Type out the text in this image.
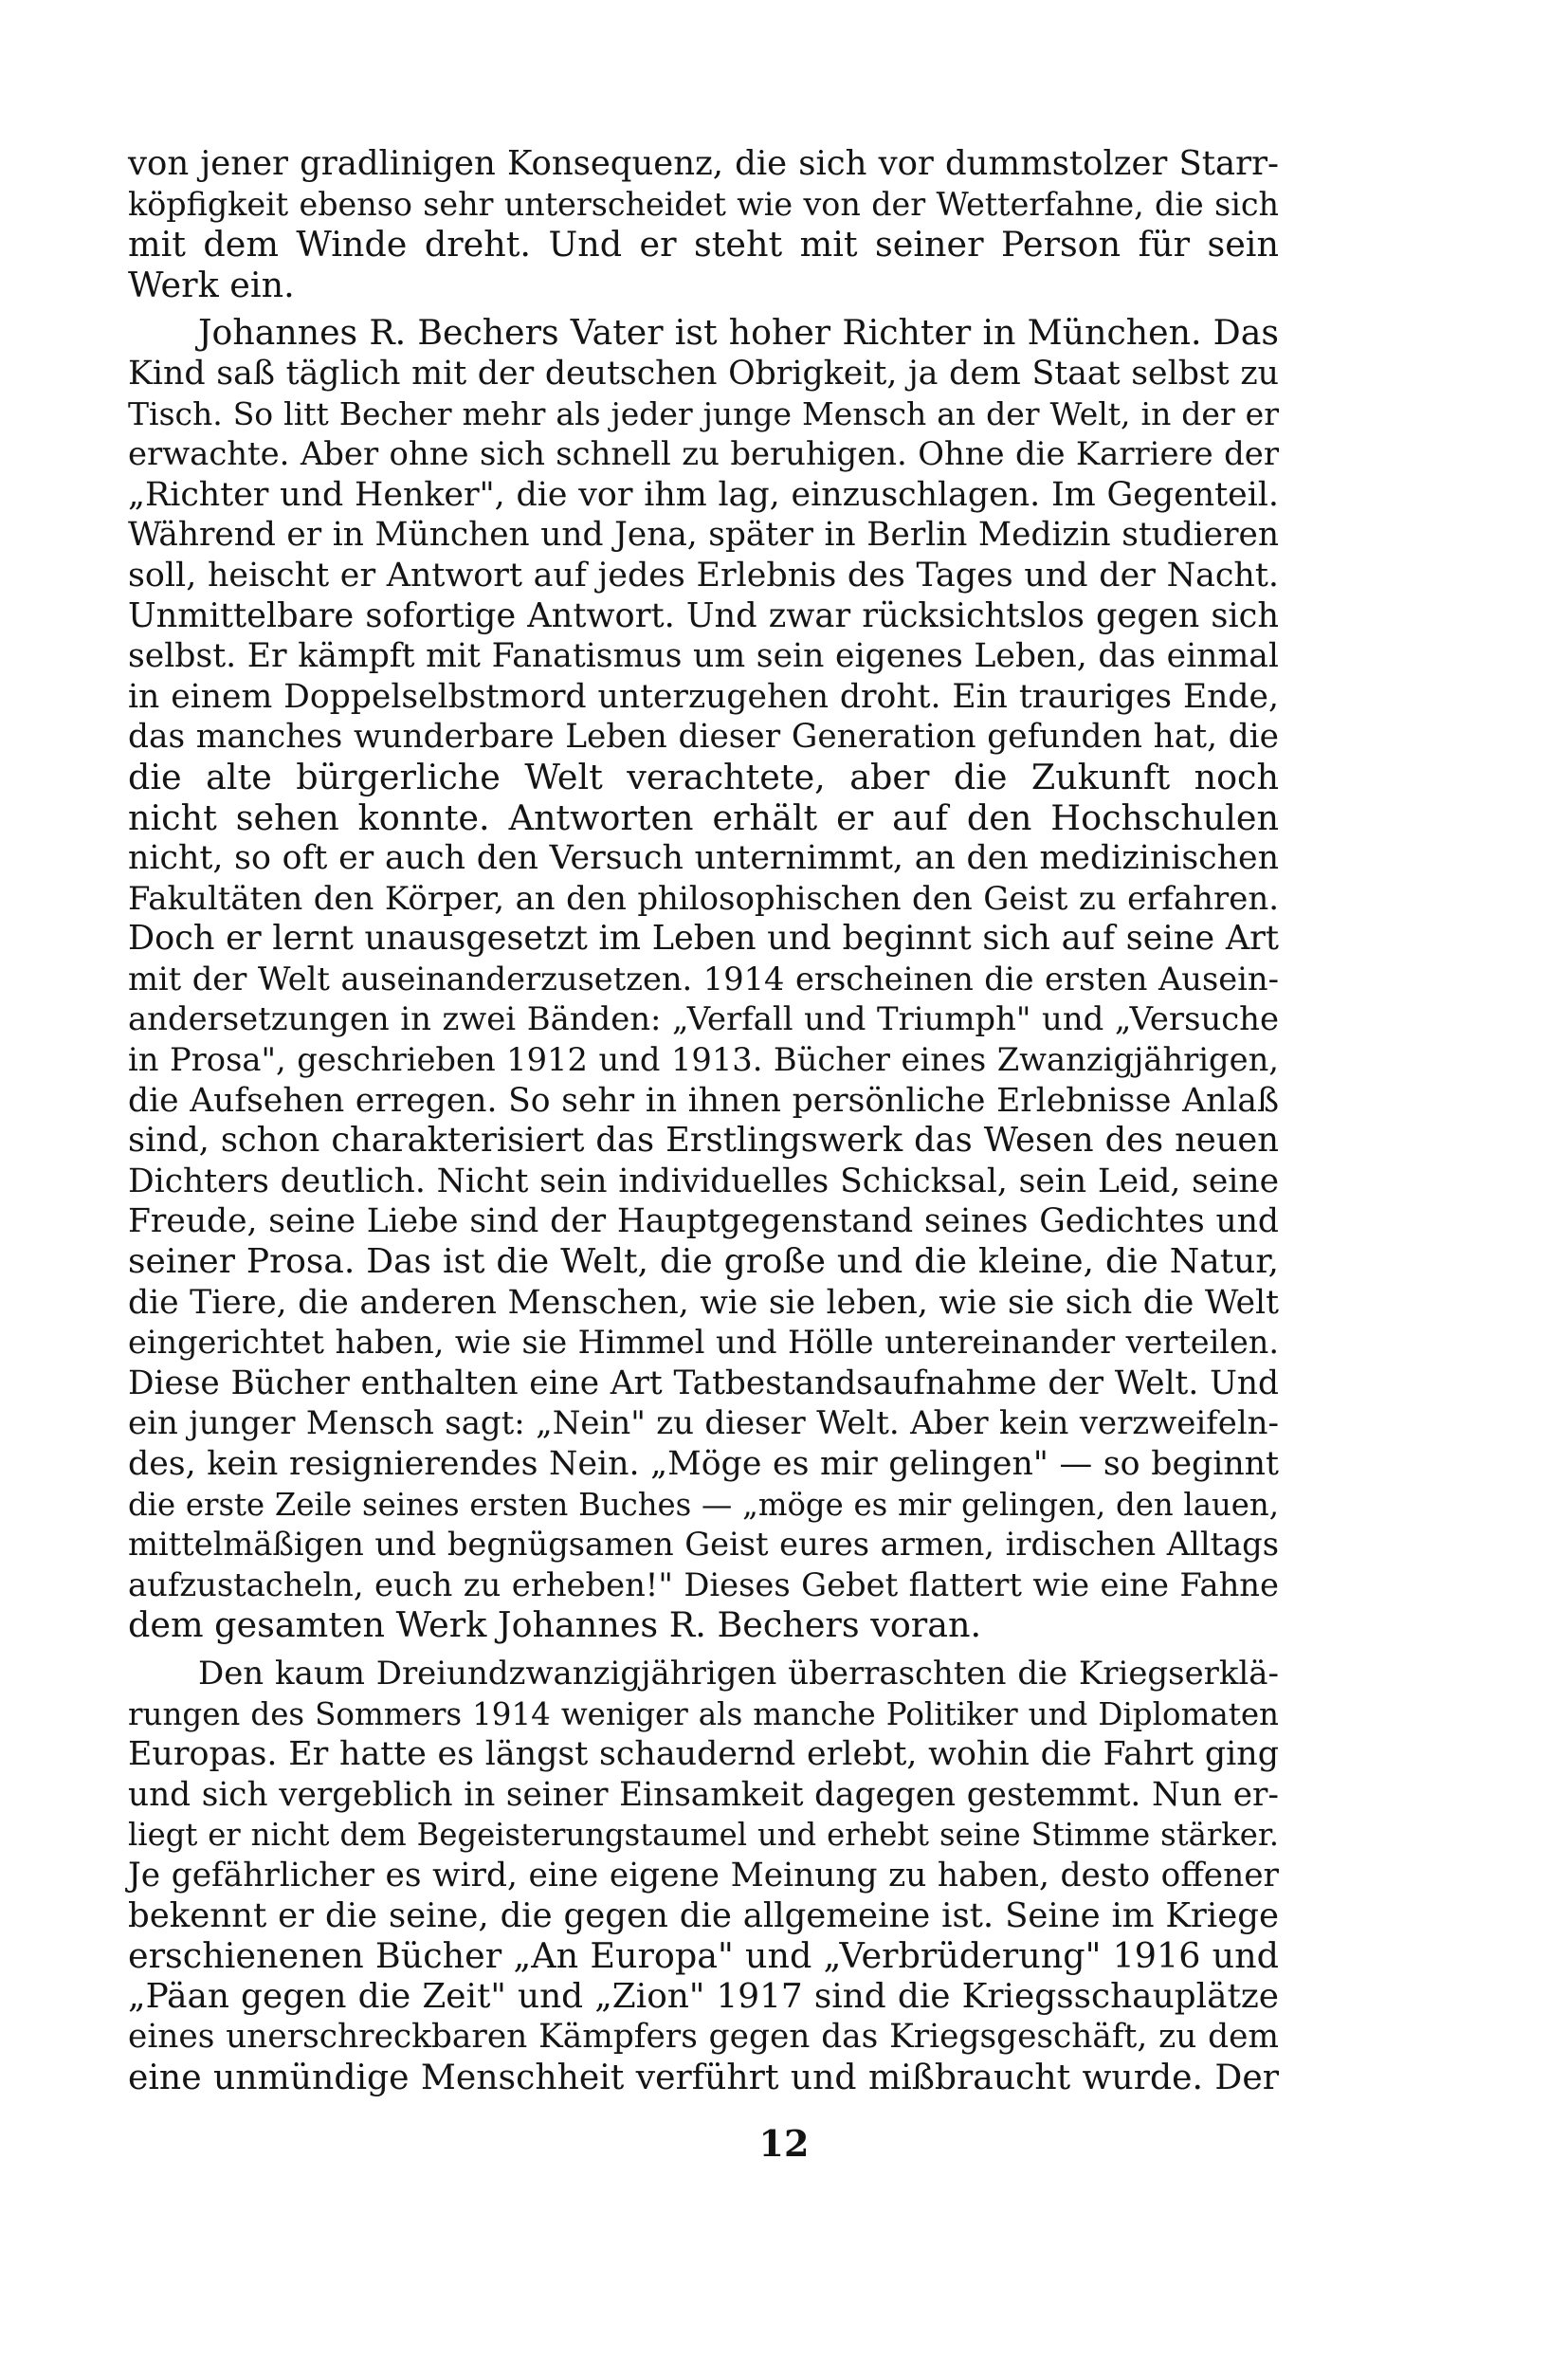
von jener gradlinigen Konsequenz, die sich vor dummstolzer Starr-
köpfigkeit ebenso sehr unterscheidet wie von der Wetterfahne, die sich
mit dem Winde dreht. Und er steht mit seiner Person für sein
Werk ein.
Johannes R. Bechers Vater ist hoher Richter in München. Das
Kind saß täglich mit der deutschen Obrigkeit, ja dem Staat selbst zu
Tisch. So litt Becher mehr als jeder junge Mensch an der Welt, in der er
erwachte. Aber ohne sich schnell zu beruhigen. Ohne die Karriere der
„Richter und Henker", die vor ihm lag, einzuschlagen. Im Gegenteil.
Während er in München und Jena, später in Berlin Medizin studieren
soll, heischt er Antwort auf jedes Erlebnis des Tages und der Nacht.
Unmittelbare sofortige Antwort. Und zwar rücksichtslos gegen sich
selbst. Er kämpft mit Fanatismus um sein eigenes Leben, das einmal
in einem Doppelselbstmord unterzugehen droht. Ein trauriges Ende,
das manches wunderbare Leben dieser Generation gefunden hat, die
die alte bürgerliche Welt verachtete, aber die Zukunft noch
nicht sehen konnte. Antworten erhält er auf den Hochschulen
nicht, so oft er auch den Versuch unternimmt, an den medizinischen
Fakultäten den Körper, an den philosophischen den Geist zu erfahren.
Doch er lernt unausgesetzt im Leben und beginnt sich auf seine Art
mit der Welt auseinanderzusetzen. 1914 erscheinen die ersten Ausein-
andersetzungen in zwei Bänden: „Verfall und Triumph" und „Versuche
in Prosa", geschrieben 1912 und 1913. Bücher eines Zwanzigjährigen,
die Aufsehen erregen. So sehr in ihnen persönliche Erlebnisse Anlaß
sind, schon charakterisiert das Erstlingswerk das Wesen des neuen
Dichters deutlich. Nicht sein individuelles Schicksal, sein Leid, seine
Freude, seine Liebe sind der Hauptgegenstand seines Gedichtes und
seiner Prosa. Das ist die Welt, die große und die kleine, die Natur,
die Tiere, die anderen Menschen, wie sie leben, wie sie sich die Welt
eingerichtet haben, wie sie Himmel und Hölle untereinander verteilen.
Diese Bücher enthalten eine Art Tatbestandsaufnahme der Welt. Und
ein junger Mensch sagt: „Nein" zu dieser Welt. Aber kein verzweifeln-
des, kein resignierendes Nein. „Möge es mir gelingen" — so beginnt
die erste Zeile seines ersten Buches — „möge es mir gelingen, den lauen,
mittelmäßigen und begnügsamen Geist eures armen, irdischen Alltags
aufzustacheln, euch zu erheben!" Dieses Gebet flattert wie eine Fahne
dem gesamten Werk Johannes R. Bechers voran.
Den kaum Dreiundzwanzigjährigen überraschten die Kriegserklä-
rungen des Sommers 1914 weniger als manche Politiker und Diplomaten
Europas. Er hatte es längst schaudernd erlebt, wohin die Fahrt ging
und sich vergeblich in seiner Einsamkeit dagegen gestemmt. Nun er-
liegt er nicht dem Begeisterungstaumel und erhebt seine Stimme stärker.
Je gefährlicher es wird, eine eigene Meinung zu haben, desto offener
bekennt er die seine, die gegen die allgemeine ist. Seine im Kriege
erschienenen Bücher „An Europa" und „Verbrüderung" 1916 und
„Päan gegen die Zeit" und „Zion" 1917 sind die Kriegsschauplätze
eines unerschreckbaren Kämpfers gegen das Kriegsgeschäft, zu dem
eine unmündige Menschheit verführt und mißbraucht wurde. Der
12
